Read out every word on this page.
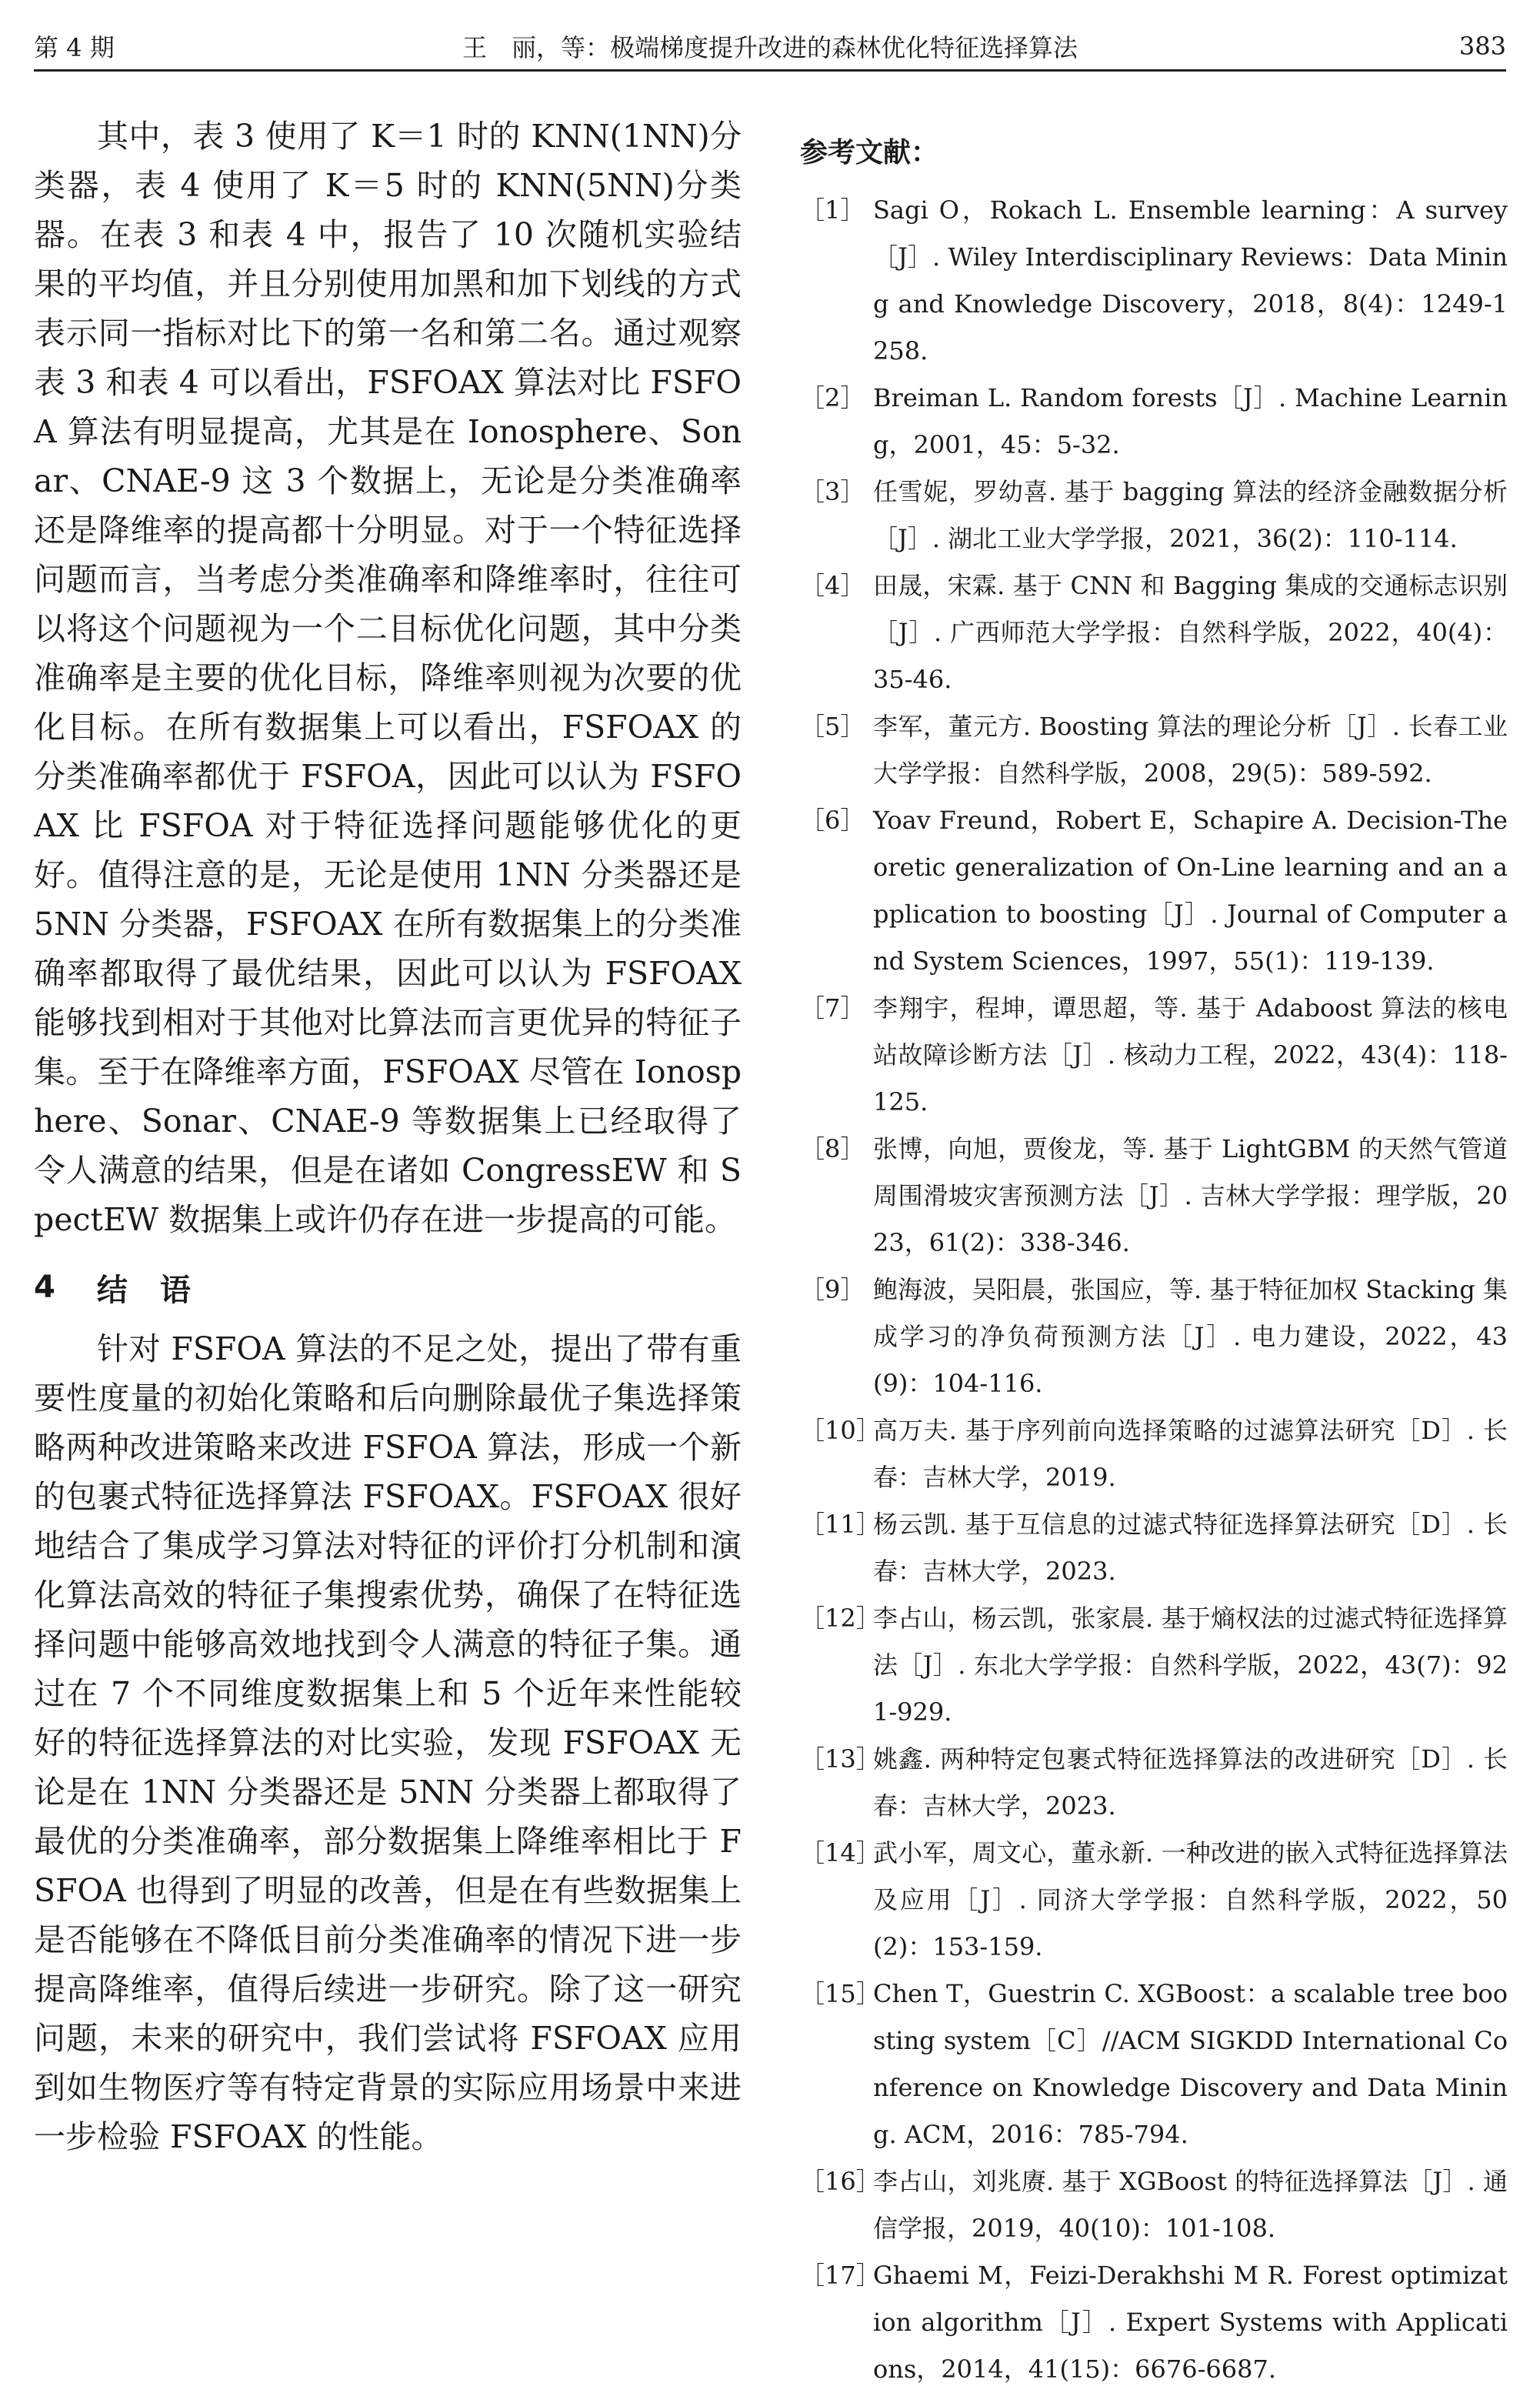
第 4 期	王　丽，等：极端梯度提升改进的森林优化特征选择算法	383

其中，表 3 使用了 K＝1 时的 KNN(1NN)分类器，表 4 使用了 K＝5 时的 KNN(5NN)分类器。在表 3 和表 4 中，报告了 10 次随机实验结果的平均值，并且分别使用加黑和加下划线的方式表示同一指标对比下的第一名和第二名。通过观察表 3 和表 4 可以看出，FSFOAX 算法对比 FSFOA 算法有明显提高，尤其是在 Ionosphere、Sonar、CNAE-9 这 3 个数据上，无论是分类准确率还是降维率的提高都十分明显。对于一个特征选择问题而言，当考虑分类准确率和降维率时，往往可以将这个问题视为一个二目标优化问题，其中分类准确率是主要的优化目标，降维率则视为次要的优化目标。在所有数据集上可以看出，FSFOAX 的分类准确率都优于 FSFOA，因此可以认为 FSFOAX 比 FSFOA 对于特征选择问题能够优化的更好。值得注意的是，无论是使用 1NN 分类器还是 5NN 分类器，FSFOAX 在所有数据集上的分类准确率都取得了最优结果，因此可以认为 FSFOAX 能够找到相对于其他对比算法而言更优异的特征子集。至于在降维率方面，FSFOAX 尽管在 Ionosphere、Sonar、CNAE-9 等数据集上已经取得了令人满意的结果，但是在诸如 CongressEW 和 SpectEW 数据集上或许仍存在进一步提高的可能。

4 结语

针对 FSFOA 算法的不足之处，提出了带有重要性度量的初始化策略和后向删除最优子集选择策略两种改进策略来改进 FSFOA 算法，形成一个新的包裹式特征选择算法 FSFOAX。FSFOAX 很好地结合了集成学习算法对特征的评价打分机制和演化算法高效的特征子集搜索优势，确保了在特征选择问题中能够高效地找到令人满意的特征子集。通过在 7 个不同维度数据集上和 5 个近年来性能较好的特征选择算法的对比实验，发现 FSFOAX 无论是在 1NN 分类器还是 5NN 分类器上都取得了最优的分类准确率，部分数据集上降维率相比于 FSFOA 也得到了明显的改善，但是在有些数据集上是否能够在不降低目前分类准确率的情况下进一步提高降维率，值得后续进一步研究。除了这一研究问题，未来的研究中，我们尝试将 FSFOAX 应用到如生物医疗等有特定背景的实际应用场景中来进一步检验 FSFOAX 的性能。

参考文献：
［1］ Sagi O，Rokach L. Ensemble learning：A survey［J］. Wiley Interdisciplinary Reviews：Data Mining and Knowledge Discovery，2018，8(4)：1249-1258.
［2］ Breiman L. Random forests［J］. Machine Learning，2001，45：5-32.
［3］ 任雪妮，罗幼喜. 基于 bagging 算法的经济金融数据分析［J］. 湖北工业大学学报，2021，36(2)：110-114.
［4］ 田晟，宋霖. 基于 CNN 和 Bagging 集成的交通标志识别［J］. 广西师范大学学报：自然科学版，2022，40(4)：35-46.
［5］ 李军，董元方. Boosting 算法的理论分析［J］. 长春工业大学学报：自然科学版，2008，29(5)：589-592.
［6］ Yoav Freund，Robert E，Schapire A. Decision-Theoretic generalization of On-Line learning and an application to boosting［J］. Journal of Computer and System Sciences，1997，55(1)：119-139.
［7］ 李翔宇，程坤，谭思超，等. 基于 Adaboost 算法的核电站故障诊断方法［J］. 核动力工程，2022，43(4)：118-125.
［8］ 张博，向旭，贾俊龙，等. 基于 LightGBM 的天然气管道周围滑坡灾害预测方法［J］. 吉林大学学报：理学版，2023，61(2)：338-346.
［9］ 鲍海波，吴阳晨，张国应，等. 基于特征加权 Stacking 集成学习的净负荷预测方法［J］. 电力建设，2022，43(9)：104-116.
［10］
高万夫. 基于序列前向选择策略的过滤算法研究［D］. 长春：吉林大学，2019.
［11］
杨云凯. 基于互信息的过滤式特征选择算法研究［D］. 长春：吉林大学，2023.
［12］
李占山，杨云凯，张家晨. 基于熵权法的过滤式特征选择算法［J］. 东北大学学报：自然科学版，2022，43(7)：921-929.
［13］
姚鑫. 两种特定包裹式特征选择算法的改进研究［D］. 长春：吉林大学，2023.
［14］
武小军，周文心，董永新. 一种改进的嵌入式特征选择算法及应用［J］. 同济大学学报：自然科学版，2022，50(2)：153-159.
［15］
Chen T，Guestrin C. XGBoost：a scalable tree boosting system［C］//ACM SIGKDD International Conference on Knowledge Discovery and Data Mining. ACM，2016：785-794.
［16］
李占山，刘兆赓. 基于 XGBoost 的特征选择算法［J］. 通信学报，2019，40(10)：101-108.
［17］
Ghaemi M，Feizi-Derakhshi M R. Forest optimization algorithm［J］. Expert Systems with Applications，2014，41(15)：6676-6687.
